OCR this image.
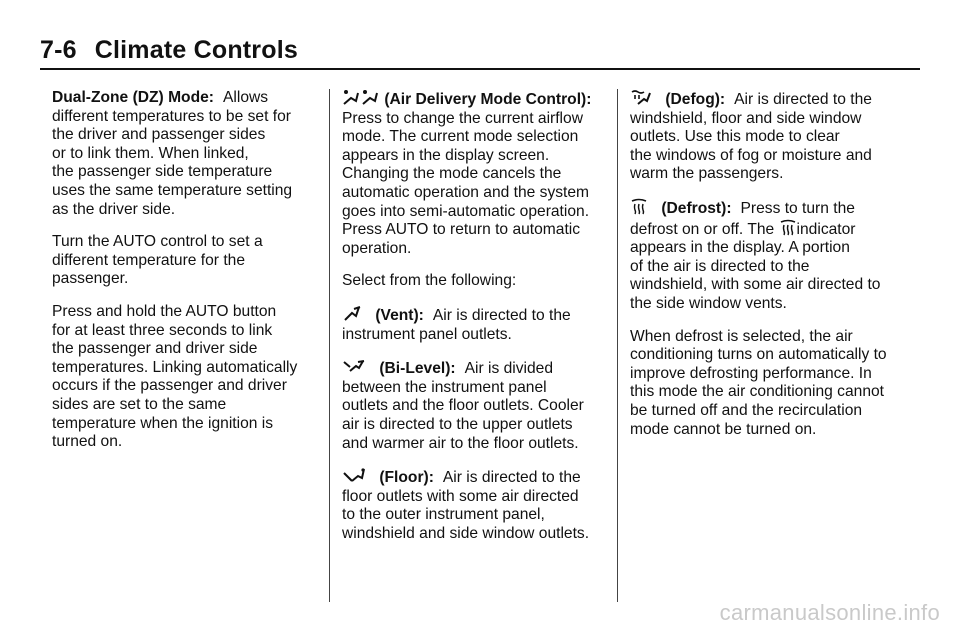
7-6 Climate Controls

Dual-Zone (DZ) Mode: Allows
different temperatures to be set for
the driver and passenger sides
or to link them. When linked,
the passenger side temperature
uses the same temperature setting
as the driver side.

Turn the AUTO control to set a
different temperature for the
passenger.

Press and hold the AUTO button
for at least three seconds to link
the passenger and driver side
temperatures. Linking automatically
occurs if the passenger and driver
sides are set to the same
temperature when the ignition is
turned on.

(Air Delivery Mode Control):
Press to change the current airflow
mode. The current mode selection
appears in the display screen.
Changing the mode cancels the
automatic operation and the system
goes into semi-automatic operation.
Press AUTO to return to automatic
operation.

Select from the following:

(Vent): Air is directed to the
instrument panel outlets.

(Bi-Level): Air is divided
between the instrument panel
outlets and the floor outlets. Cooler
air is directed to the upper outlets
and warmer air to the floor outlets.

(Floor): Air is directed to the
floor outlets with some air directed
to the outer instrument panel,
windshield and side window outlets.

(Defog): Air is directed to the
windshield, floor and side window
outlets. Use this mode to clear
the windows of fog or moisture and
warm the passengers.

(Defrost): Press to turn the
defrost on or off. The indicator
appears in the display. A portion
of the air is directed to the
windshield, with some air directed to
the side window vents.

When defrost is selected, the air
conditioning turns on automatically to
improve defrosting performance. In
this mode the air conditioning cannot
be turned off and the recirculation
mode cannot be turned on.

carmanualsonline.info
